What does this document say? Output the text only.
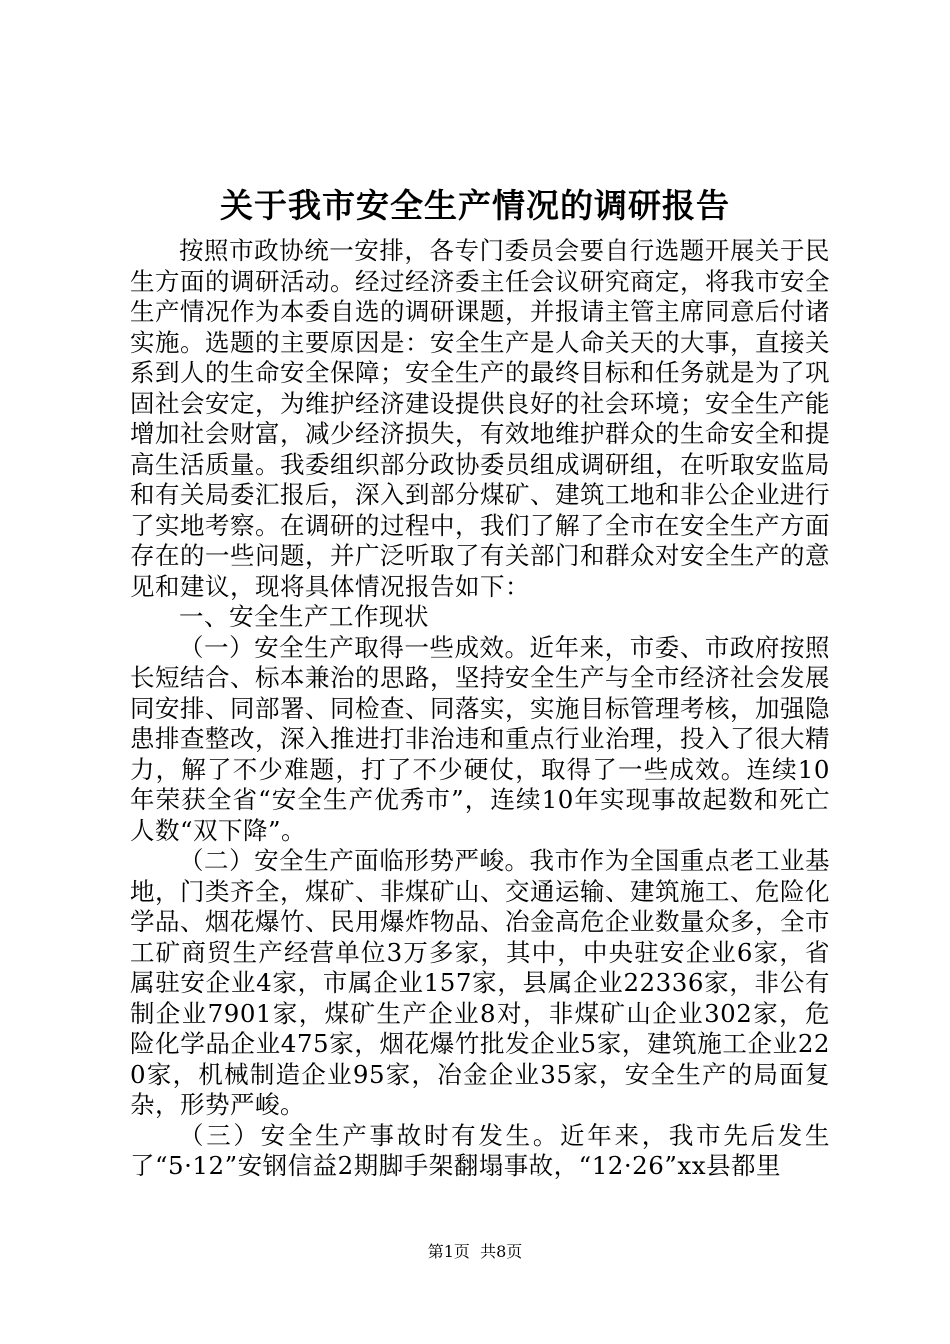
关于我市安全生产情况的调研报告

按照市政协统一安排，各专门委员会要自行选题开展关于民生方面的调研活动。经过经济委主任会议研究商定，将我市安全生产情况作为本委自选的调研课题，并报请主管主席同意后付诸实施。选题的主要原因是：安全生产是人命关天的大事，直接关系到人的生命安全保障；安全生产的最终目标和任务就是为了巩固社会安定，为维护经济建设提供良好的社会环境；安全生产能增加社会财富，减少经济损失，有效地维护群众的生命安全和提高生活质量。我委组织部分政协委员组成调研组，在听取安监局和有关局委汇报后，深入到部分煤矿、建筑工地和非公企业进行了实地考察。在调研的过程中，我们了解了全市在安全生产方面存在的一些问题，并广泛听取了有关部门和群众对安全生产的意见和建议，现将具体情况报告如下：

一、安全生产工作现状

（一）安全生产取得一些成效。近年来，市委、市政府按照长短结合、标本兼治的思路，坚持安全生产与全市经济社会发展同安排、同部署、同检查、同落实，实施目标管理考核，加强隐患排查整改，深入推进打非治违和重点行业治理，投入了很大精力，解了不少难题，打了不少硬仗，取得了一些成效。连续10年荣获全省“安全生产优秀市”，连续10年实现事故起数和死亡人数“双下降”。

（二）安全生产面临形势严峻。我市作为全国重点老工业基地，门类齐全，煤矿、非煤矿山、交通运输、建筑施工、危险化学品、烟花爆竹、民用爆炸物品、冶金高危企业数量众多，全市工矿商贸生产经营单位3万多家，其中，中央驻安企业6家，省属驻安企业4家，市属企业157家，县属企业22336家，非公有制企业7901家，煤矿生产企业8对，非煤矿山企业302家，危险化学品企业475家，烟花爆竹批发企业5家，建筑施工企业220家，机械制造企业95家，冶金企业35家，安全生产的局面复杂，形势严峻。

（三）安全生产事故时有发生。近年来，我市先后发生了“5·12”安钢信益2期脚手架翻塌事故，“12·26”xx县都里

第1页  共8页
